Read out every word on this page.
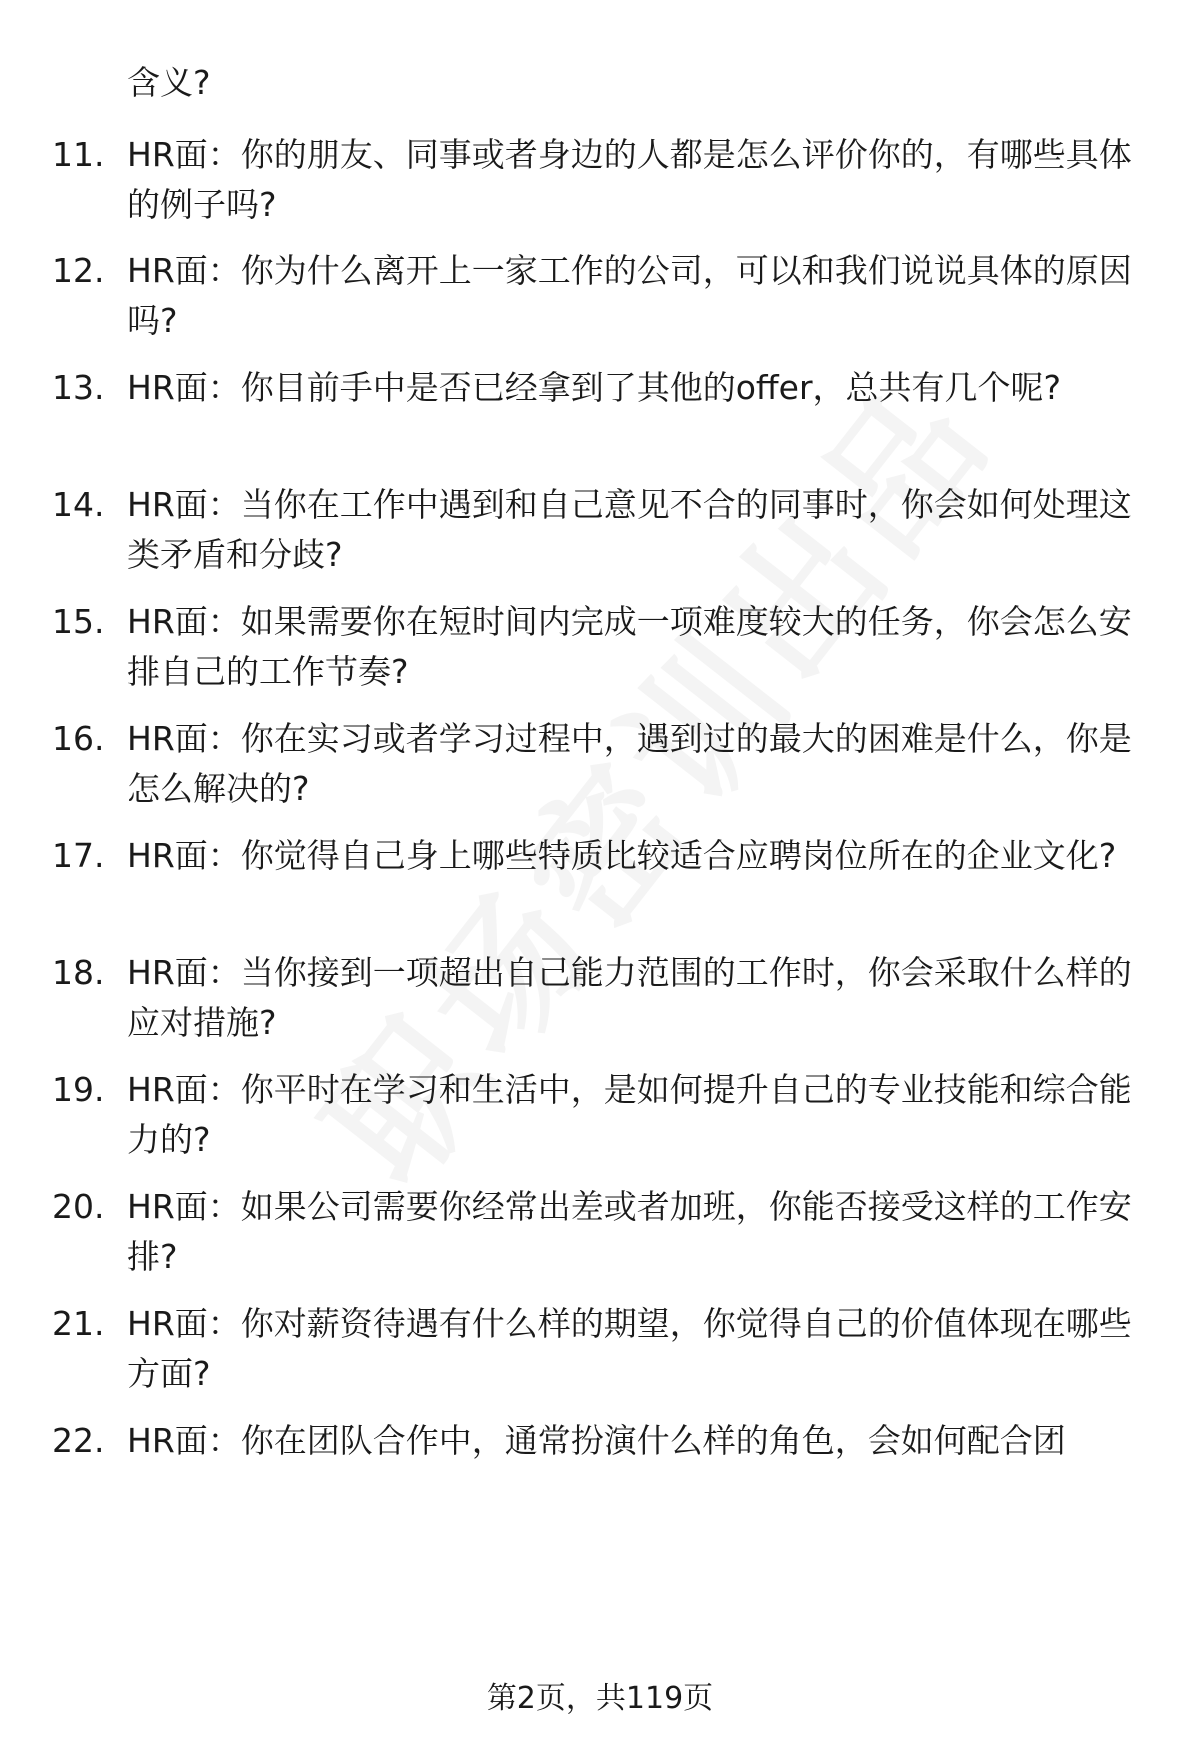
含义?
11. HR面：你的朋友、同事或者身边的人都是怎么评价你的，有哪些具体的例子吗?
12. HR面：你为什么离开上一家工作的公司，可以和我们说说具体的原因吗?
13. HR面：你目前手中是否已经拿到了其他的offer，总共有几个呢?
14. HR面：当你在工作中遇到和自己意见不合的同事时，你会如何处理这类矛盾和分歧?
15. HR面：如果需要你在短时间内完成一项难度较大的任务，你会怎么安排自己的工作节奏?
16. HR面：你在实习或者学习过程中，遇到过的最大的困难是什么，你是怎么解决的?
17. HR面：你觉得自己身上哪些特质比较适合应聘岗位所在的企业文化?
18. HR面：当你接到一项超出自己能力范围的工作时，你会采取什么样的应对措施?
19. HR面：你平时在学习和生活中，是如何提升自己的专业技能和综合能力的?
20. HR面：如果公司需要你经常出差或者加班，你能否接受这样的工作安排?
21. HR面：你对薪资待遇有什么样的期望，你觉得自己的价值体现在哪些方面?
22. HR面：你在团队合作中，通常扮演什么样的角色，会如何配合团
第2页，共119页
